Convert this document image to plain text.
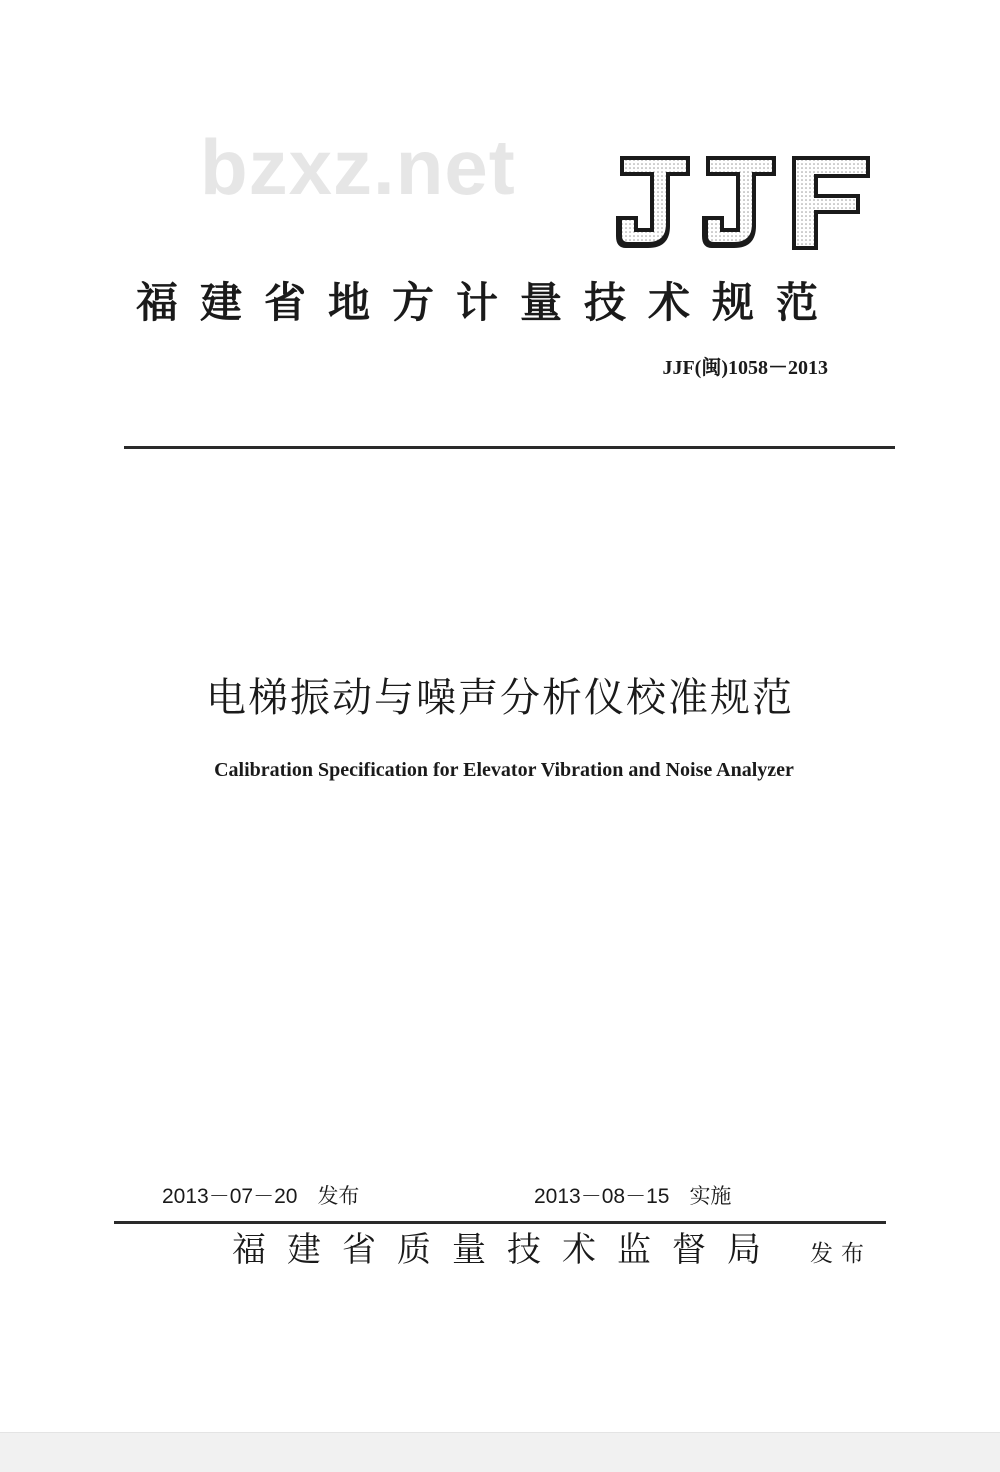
bzxz.net
福建省地方计量技术规范
JJF(闽)1058－2013
电梯振动与噪声分析仪校准规范
Calibration Specification for Elevator Vibration and Noise Analyzer
2013－07－20 发布	2013－08－15 实施
福建省质量技术监督局 发布
